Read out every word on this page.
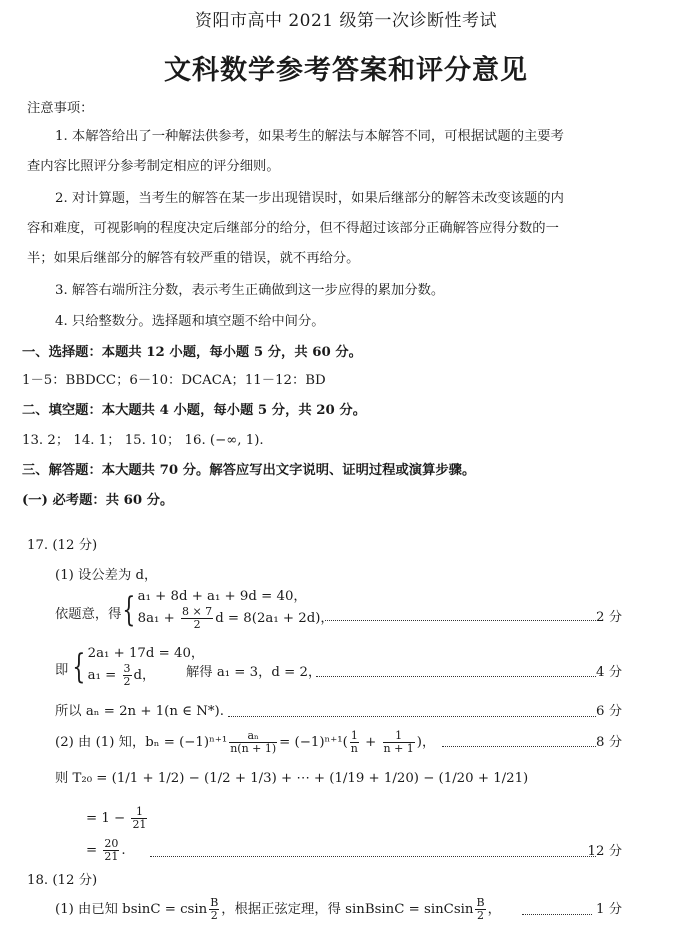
资阳市高中 2021 级第一次诊断性考试
文科数学参考答案和评分意见
注意事项：
1. 本解答给出了一种解法供参考，如果考生的解法与本解答不同，可根据试题的主要考
查内容比照评分参考制定相应的评分细则。
2. 对计算题，当考生的解答在某一步出现错误时，如果后继部分的解答未改变该题的内
容和难度，可视影响的程度决定后继部分的给分，但不得超过该部分正确解答应得分数的一
半；如果后继部分的解答有较严重的错误，就不再给分。
3. 解答右端所注分数，表示考生正确做到这一步应得的累加分数。
4. 只给整数分。选择题和填空题不给中间分。
一、选择题：本题共 12 小题，每小题 5 分，共 60 分。
1－5：BBDCC；6－10：DCACA；11－12：BD
二、填空题：本大题共 4 小题，每小题 5 分，共 20 分。
13. 2； 14. 1； 15. 10； 16. (−∞, 1).
三、解答题：本大题共 70 分。解答应写出文字说明、证明过程或演算步骤。
(一) 必考题：共 60 分。
17. (12 分)
(1) 设公差为 d，
依题意，得 { a₁ + 8d + a₁ + 9d = 40，
$8a_1 + \frac{8 \times 7}{2}$ d = 8(2a₁ + 2d)，	2 分
即 { 2a₁ + 17d = 40，
$a_1 = \frac{3}{2}$ d，	解得 a₁ = 3，d = 2，	4 分
所以 aₙ = 2n + 1(n ∈ N*).	6 分
(2) 由 (1) 知，$b_n = (-1)^{n+1} \frac{\text{aₙ}}{n(n + 1)} = (-1)^{n+1}( \frac{1}{n} + \frac{1}{n + 1}$ )，	8 分
则 T₂₀ = (1/1 + 1/2) − (1/2 + 1/3) + ⋯ + (1/19 + 1/20) − (1/20 + 1/21)
= $1 - \frac{1}{21}$
= $\frac{20}{21}$ .	12 分
18. (12 分)
(1) 由已知 bsinC = csin $\frac{B}{2}$ ，根据正弦定理，得 sinBsinC = sinCsin $\frac{B}{2}$ ，	1 分
